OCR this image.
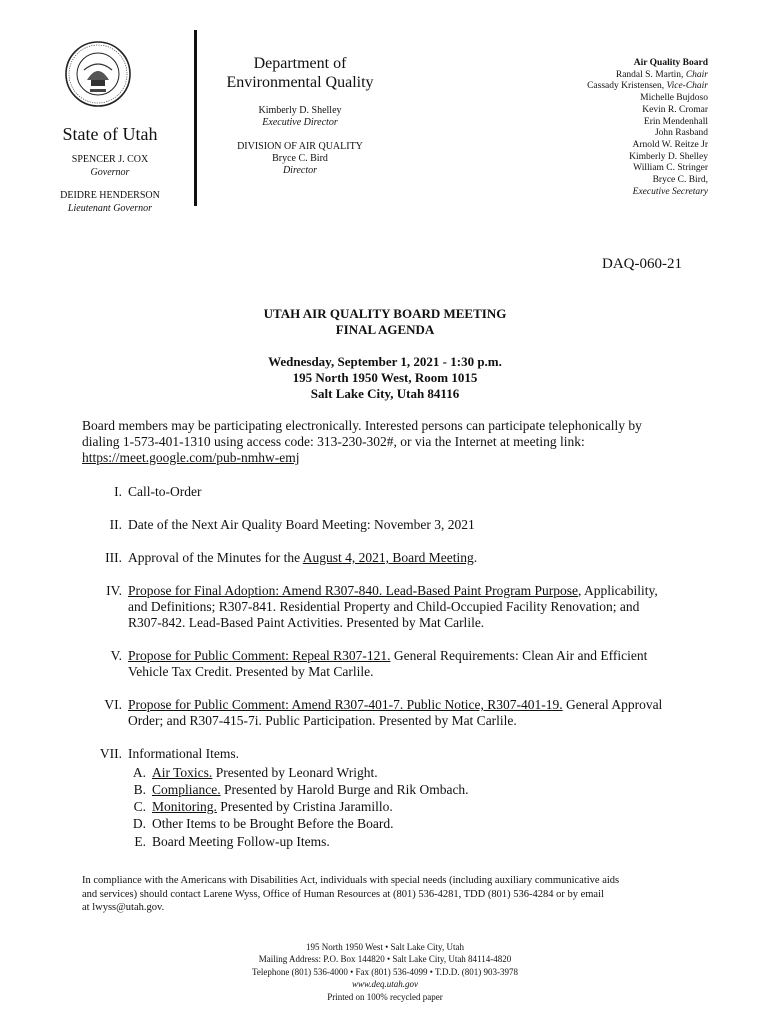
State of Utah
SPENCER J. COX
Governor
DEIDRE HENDERSON
Lieutenant Governor
Department of
Environmental Quality
Kimberly D. Shelley
Executive Director
DIVISION OF AIR QUALITY
Bryce C. Bird
Director
Air Quality Board
Randal S. Martin, Chair
Cassady Kristensen, Vice-Chair
Michelle Bujdoso
Kevin R. Cromar
Erin Mendenhall
John Rasband
Arnold W. Reitze Jr
Kimberly D. Shelley
William C. Stringer
Bryce C. Bird,
Executive Secretary
DAQ-060-21
UTAH AIR QUALITY BOARD MEETING
FINAL AGENDA
Wednesday, September 1, 2021 - 1:30 p.m.
195 North 1950 West, Room 1015
Salt Lake City, Utah 84116
Board members may be participating electronically. Interested persons can participate telephonically by
dialing 1-573-401-1310 using access code: 313-230-302#, or via the Internet at meeting link:
https://meet.google.com/pub-nmhw-emj
I. Call-to-Order
II. Date of the Next Air Quality Board Meeting: November 3, 2021
III. Approval of the Minutes for the August 4, 2021, Board Meeting.
IV. Propose for Final Adoption: Amend R307-840. Lead-Based Paint Program Purpose, Applicability,
and Definitions; R307-841. Residential Property and Child-Occupied Facility Renovation; and
R307-842. Lead-Based Paint Activities. Presented by Mat Carlile.
V. Propose for Public Comment: Repeal R307-121. General Requirements: Clean Air and Efficient
Vehicle Tax Credit. Presented by Mat Carlile.
VI. Propose for Public Comment: Amend R307-401-7. Public Notice, R307-401-19. General Approval
Order; and R307-415-7i. Public Participation. Presented by Mat Carlile.
VII. Informational Items.
A. Air Toxics. Presented by Leonard Wright.
B. Compliance. Presented by Harold Burge and Rik Ombach.
C. Monitoring. Presented by Cristina Jaramillo.
D. Other Items to be Brought Before the Board.
E. Board Meeting Follow-up Items.
In compliance with the Americans with Disabilities Act, individuals with special needs (including auxiliary communicative aids
and services) should contact Larene Wyss, Office of Human Resources at (801) 536-4281, TDD (801) 536-4284 or by email
at lwyss@utah.gov.
195 North 1950 West • Salt Lake City, Utah
Mailing Address: P.O. Box 144820 • Salt Lake City, Utah 84114-4820
Telephone (801) 536-4000 • Fax (801) 536-4099 • T.D.D. (801) 903-3978
www.deq.utah.gov
Printed on 100% recycled paper
